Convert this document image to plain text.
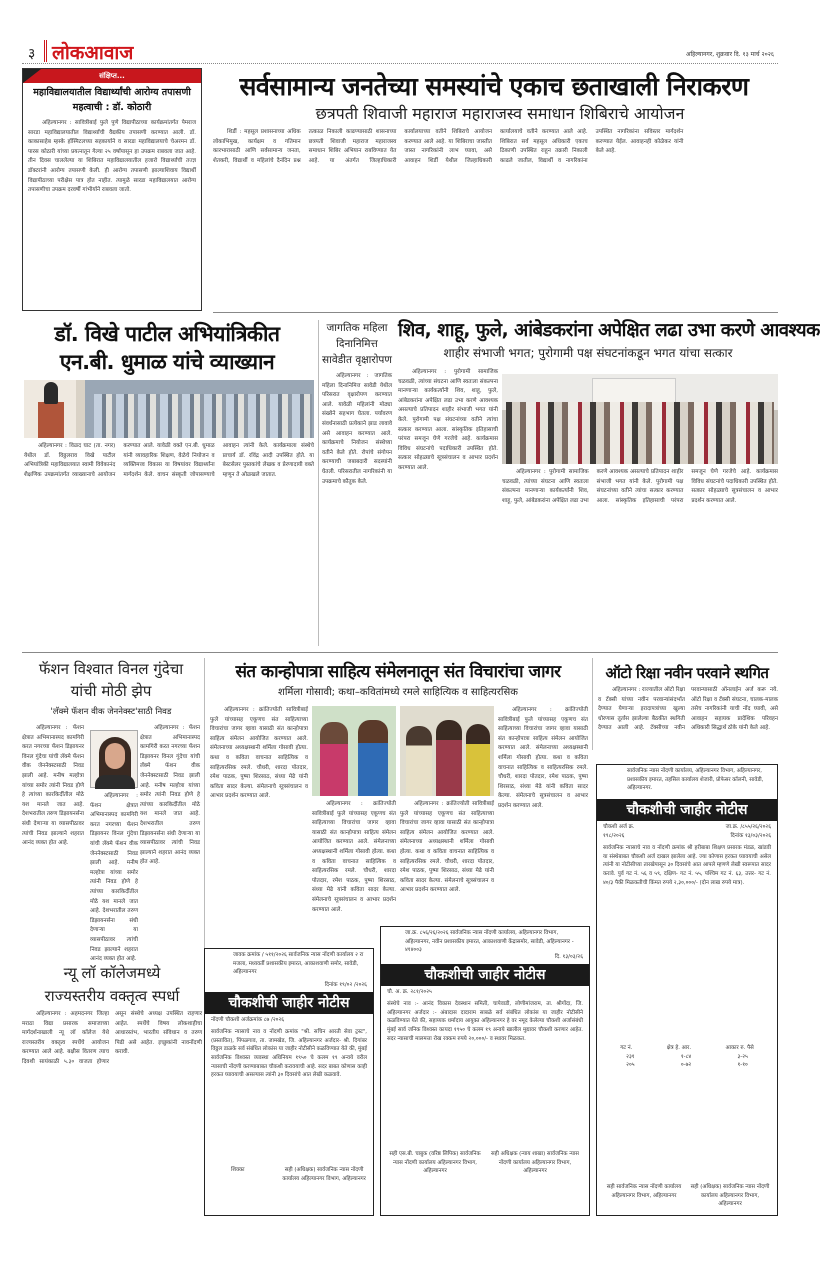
३ लोकआवाज	अहिल्यानगर, शुक्रवार दि. १३ मार्च २०२६
संक्षिप्त...
महाविद्यालयातील विद्यार्थ्यांची आरोग्य तपासणी महत्वाची : डॉ. कोठारी

अहिल्यानगर : सावित्रीबाई फुले पुणे विद्यापीठाच्या कार्यक्रमांतर्गत पेमराज सारडा महाविद्यालयातील विद्यार्थ्यांची वैद्यकीय तपासणी करण्यात आली. डॉ. काकासाहेब म्हस्के हॉस्पिटलच्या सहकार्याने व सारडा महाविद्यालयाचे चेअरमन डॉ. पारस कोठारी यांच्या प्रयत्नातून गेल्या २५ वर्षांपासून हा उपक्रम राबवला जात आहे. तीन दिवस चाललेल्या या शिबिरात महाविद्यालयातील हजारो विद्यार्थ्यांची तज्ज्ञ डॉक्टरांनी आरोग्य तपासणी केली. ही आरोग्य तपासणी झाल्याशिवाय विद्यार्थी विद्यापीठाच्या परीक्षेस पात्र होत नाहीत. त्यामुळे सारडा महाविद्यालयात आरोग्य तपासणीचा उपक्रम दरवर्षी गांभीर्याने राबवला जातो.

सर्वसामान्य जनतेच्या समस्यांचे एकाच छताखाली निराकरण
छत्रपती शिवाजी महाराज महाराजस्व समाधान शिबिराचे आयोजन

शिर्डी : महसूल प्रशासनाच्या अधिक लोकाभिमुख, कार्यक्षम व गतिमान कारभारासाठी आणि सर्वसामान्य जनता, शेतकरी, विद्यार्थी व महिलांचे दैनंदिन प्रश्न तत्काळ निकाली काढण्यासाठी शासनाच्या छत्रपती शिवाजी महाराज महाराजस्व समाधान शिबिर अभियान राबविण्यात येत आहे. या अंतर्गत जिल्हाधिकारी कार्यालयाच्या वतीने शिबिराचे आयोजन करण्यात आले आहे. या शिबिराचा जास्तीत जास्त नागरिकांनी लाभ घ्यावा, असे आवाहन शिर्डी येथील जिल्हाधिकारी कार्यालयाचे वतीने करण्यात आले आहे. शिबिरात सर्व महसूल अधिकारी एकाच ठिकाणी उपस्थित राहून तक्रारी निकाली काढले जातील, विद्यार्थी व नागरिकांना उपस्थित नागरिकांना सविस्तर मार्गदर्शन करण्यात येईल. आवाहनही कोळेकर यांनी केले आहे.

डॉ. विखे पाटील अभियांत्रिकीत
एन.बी. धुमाळ यांचे व्याख्यान

अहिल्यानगर : विळद घाट (ता. नगर) येथील डॉ. विठ्ठलराव विखे पाटील अभियांत्रिकी महाविद्यालयात स्वामी विवेकानंद शैक्षणिक उपक्रमांतर्गत व्याख्यानाचे आयोजन करण्यात आले. यावेळी वक्ते एन.बी. धुमाळ यांनी व्यावहारिक शिक्षण, वेळेचे नियोजन व व्यक्तिमत्त्व विकास या विषयांवर विद्यार्थ्यांना मार्गदर्शन केले. वाचन संस्कृती जोपासण्याचे आवाहन त्यांनी केले. कार्यक्रमाला संस्थेचे प्राचार्य डॉ. रविंद्र आदी उपस्थित होते. या बेस्टसेलर पुस्तकांचे लेखक व प्रेरणादायी वक्ते म्हणून ते ओळखले जातात.

जागतिक महिला दिनानिमित्त सावेडीत वृक्षारोपण

अहिल्यानगर : जागतिक महिला दिनानिमित्त सावेडी येथील परिसरात वृक्षारोपण करण्यात आले. यावेळी महिलांनी मोठ्या संख्येने सहभाग घेतला. पर्यावरण संवर्धनासाठी प्रत्येकाने झाड लावावे असे आवाहन करण्यात आले. कार्यक्रमाचे नियोजन संस्थेच्या वतीने केले होते. रोपांचे संगोपन करण्याची जबाबदारी सदस्यांनी घेतली. परिसरातील नागरिकांनी या उपक्रमाचे कौतुक केले.

शिव, शाहू, फुले, आंबेडकरांना अपेक्षित लढा उभा करणे आवश्यक
शाहीर संभाजी भगत; पुरोगामी पक्ष संघटनांकडून भगत यांचा सत्कार

अहिल्यानगर : पुरोगामी सामाजिक चळवळी, त्यांच्या संघटना आणि स्वतःला संकल्पना मानणाऱ्या कार्यकर्त्यांनी शिव, शाहू, फुले, आंबेडकरांना अपेक्षित लढा उभा करणे आवश्यक असल्याचे प्रतिपादन शाहीर संभाजी भगत यांनी केले. पुरोगामी पक्ष संघटनांच्या वतीने त्यांचा सत्कार करण्यात आला. सांस्कृतिक इतिहासाची परंपरा समजून घेणे गरजेचे आहे. कार्यक्रमास विविध संघटनांचे पदाधिकारी उपस्थित होते. सत्कार सोहळ्याचे सूत्रसंचालन व आभार प्रदर्शन करण्यात आले.

अहिल्यानगर : पुरोगामी सामाजिक चळवळी, त्यांच्या संघटना आणि स्वतःला संकल्पना मानणाऱ्या कार्यकर्त्यांनी शिव, शाहू, फुले, आंबेडकरांना अपेक्षित लढा उभा करणे आवश्यक असल्याचे प्रतिपादन शाहीर संभाजी भगत यांनी केले. पुरोगामी पक्ष संघटनांच्या वतीने त्यांचा सत्कार करण्यात आला. सांस्कृतिक इतिहासाची परंपरा समजून घेणे गरजेचे आहे. कार्यक्रमास विविध संघटनांचे पदाधिकारी उपस्थित होते. सत्कार सोहळ्याचे सूत्रसंचालन व आभार प्रदर्शन करण्यात आले.

फॅशन विश्वात विनल गुंदेचा
यांची मोठी झेप
'लॅक्मे फॅशन वीक जेननेक्स्ट'साठी निवड

अहिल्यानगर : फॅशन क्षेत्रात अभिमानास्पद कामगिरी करत नगरच्या फॅशन डिझायनर विनल गुंदेचा यांची लॅक्मे फॅशन वीक जेननेक्स्टसाठी निवड झाली आहे. मनीष मल्होत्रा यांच्या समोर त्यांनी निवड होणे हे त्यांच्या कारकिर्दीतील मोठे यश मानले जात आहे. देशभरातील तरुण डिझायनर्सना संधी देणाऱ्या या व्यासपीठावर त्यांची निवड झाल्याने शहरात आनंद व्यक्त होत आहे.

अहिल्यानगर : फॅशन क्षेत्रात अभिमानास्पद कामगिरी करत नगरच्या फॅशन डिझायनर विनल गुंदेचा यांची लॅक्मे फॅशन वीक जेननेक्स्टसाठी निवड झाली आहे. मनीष मल्होत्रा यांच्या समोर त्यांनी निवड होणे हे त्यांच्या कारकिर्दीतील मोठे यश मानले जात आहे. देशभरातील तरुण डिझायनर्सना संधी देणाऱ्या या व्यासपीठावर त्यांची निवड झाल्याने शहरात आनंद व्यक्त होत आहे.

अहिल्यानगर : फॅशन क्षेत्रात अभिमानास्पद कामगिरी करत नगरच्या फॅशन डिझायनर विनल गुंदेचा यांची लॅक्मे फॅशन वीक जेननेक्स्टसाठी निवड झाली आहे. मनीष मल्होत्रा यांच्या समोर त्यांनी निवड होणे हे त्यांच्या कारकिर्दीतील मोठे यश मानले जात आहे. देशभरातील तरुण डिझायनर्सना संधी देणाऱ्या या व्यासपीठावर त्यांची निवड झाल्याने शहरात आनंद व्यक्त होत आहे.

संत कान्होपात्रा साहित्य संमेलनातून संत विचारांचा जागर
शर्मिला गोसावी; कथा–कवितांमध्ये रमले साहित्यिक व साहित्यरसिक

अहिल्यानगर : क्रांतिज्योती सावित्रीबाई फुले यांच्यासह एकूणच संत साहित्याच्या विचारांचा जागर व्हावा यासाठी संत कान्होपात्रा साहित्य संमेलन आयोजित करण्यात आले. संमेलनाच्या अध्यक्षस्थानी शर्मिला गोसावी होत्या. कथा व कविता वाचनात साहित्यिक व साहित्यरसिक रमले. चौधरी, शारदा पोतदार, रमेश पाठक, पुष्पा शिरसाठ, संध्या मेढे यांनी कविता सादर केल्या. संमेलनाचे सूत्रसंचालन व आभार प्रदर्शन करण्यात आले.

अहिल्यानगर : क्रांतिज्योती सावित्रीबाई फुले यांच्यासह एकूणच संत साहित्याच्या विचारांचा जागर व्हावा यासाठी संत कान्होपात्रा साहित्य संमेलन आयोजित करण्यात आले. संमेलनाच्या अध्यक्षस्थानी शर्मिला गोसावी होत्या. कथा व कविता वाचनात साहित्यिक व साहित्यरसिक रमले. चौधरी, शारदा पोतदार, रमेश पाठक, पुष्पा शिरसाठ, संध्या मेढे यांनी कविता सादर केल्या. संमेलनाचे सूत्रसंचालन व आभार प्रदर्शन करण्यात आले.

अहिल्यानगर : क्रांतिज्योती सावित्रीबाई फुले यांच्यासह एकूणच संत साहित्याच्या विचारांचा जागर व्हावा यासाठी संत कान्होपात्रा साहित्य संमेलन आयोजित करण्यात आले. संमेलनाच्या अध्यक्षस्थानी शर्मिला गोसावी होत्या. कथा व कविता वाचनात साहित्यिक व साहित्यरसिक रमले. चौधरी, शारदा पोतदार, रमेश पाठक, पुष्पा शिरसाठ, संध्या मेढे यांनी कविता सादर केल्या. संमेलनाचे सूत्रसंचालन व आभार प्रदर्शन करण्यात आले.

अहिल्यानगर : क्रांतिज्योती सावित्रीबाई फुले यांच्यासह एकूणच संत साहित्याच्या विचारांचा जागर व्हावा यासाठी संत कान्होपात्रा साहित्य संमेलन आयोजित करण्यात आले. संमेलनाच्या अध्यक्षस्थानी शर्मिला गोसावी होत्या. कथा व कविता वाचनात साहित्यिक व साहित्यरसिक रमले. चौधरी, शारदा पोतदार, रमेश पाठक, पुष्पा शिरसाठ, संध्या मेढे यांनी कविता सादर केल्या. संमेलनाचे सूत्रसंचालन व आभार प्रदर्शन करण्यात आले.

ऑटो रिक्षा नवीन परवाने स्थगित

अहिल्यानगर : राज्यातील ऑटो रिक्षा व टॅक्सी यांच्या नवीन परवान्यांसंदर्भात देण्यात येणाऱ्या इरादापत्रांच्या खुल्या धोरणास तूर्तास झालेल्या बैठकीत स्थगिती देण्यात आली आहे. टॅक्सीच्या नवीन परवान्यासाठी ऑनलाईन अर्ज करू नये. ऑटो रिक्षा व टॅक्सी संघटना, चालक-मालक तसेच नागरिकांनी याची नोंद घ्यावी, असे आवाहन सहायक प्रादेशिक परिवहन अधिकारी सिद्धार्थ ठोके यांनी केले आहे.

सार्वजनिक न्यास नोंदणी कार्यालय, अहिल्यानगर विभाग, अहिल्यानगर, प्रशासकीय इमारत, तहसिल कार्यालय शेजारी, प्रोफेसर कॉलनी, सावेडी, अहिल्यानगर.
चौकशीची जाहीर नोटीस
चौकशी अर्ज क्र.
१९८/२०२६
जा.क्र. /८५५/२६/२०२६
दिनांक १३/०३/२०२६
सार्वजनिक न्यासाचे नाव व नोंदणी क्रमांक श्री हरीबाबा शिक्षण प्रसारक मंडळ, खांडवी या संस्थेबाबत चौकशी अर्ज दाखल झालेला आहे. ज्या कोणास हरकत घ्यावयाची असेल त्यांनी या नोटीसीच्या तारखेपासून ३० दिवसांचे आत आपले म्हणणे लेखी स्वरूपात सादर करावे. पुर्व गट नं. ५६ व ५९, दक्षिण- गट नं. ५५, पश्चिम गट नं. ६३, उत्तर- गट नं. ४०/३ पैकी मिळकतीची किंमत रुपये २,३०,०००/- (दोन लाख रुपये मात्र).
गट नं.	क्षेत्र हे. आर.	आकार रु. पैसे
२३१	१-८४	३-२५
२०५	०-७२	१-१०
सही सार्वजनिक न्यास नोंदणी कार्यालय अहिल्यानगर विभाग, अहिल्यानगर
सही (अधिक्षक) सार्वजनिक न्यास नोंदणी कार्यालय अहिल्यानगर विभाग, अहिल्यानगर
न्यू लॉ कॉलेजमध्ये
राज्यस्तरीय वक्तृत्व स्पर्धा

अहिल्यानगर : अहमदनगर जिल्हा मराठा विद्या प्रसारक समाजाच्या मार्गदर्शनाखाली न्यू लॉ कॉलेज येथे राज्यस्तरीय वक्तृत्व स्पर्धेचे आयोजन करण्यात आले आहे. बक्षीस वितरण त्याच दिवशी सायंकाळी ५.३० वाजता होणार असून संस्थेचे अध्यक्ष उपस्थित राहणार आहेत. स्पर्धेचे विषय लोकशाहीचा आधारस्तंभ, भारतीय संविधान व तरुण पिढी असे आहेत. इच्छुकांनी नावनोंदणी करावी.

जावक क्रमांक / ५११/२०२६ सार्वजनिक न्यास नोंदणी कार्यालय २ रा मजला, मध्यवर्ती प्रशासकीय इमारत, आकाशवाणी समोर, सावेडी, अहिल्यानगर
दिनांक १९/०२ /२०२६
चौकशीची जाहीर नोटीस
नोंदणी चौकशी अर्जक्रमांक ८७ /२०२६
सार्वजनिक न्यासाचे नाव व नोंदणी क्रमांक "श्री. सचिन आरती सेवा ट्रस्ट", (प्रस्तावित), पिंपळगाव, ता. जामखेड, जि. अहिल्यानगर अर्जदार- श्री. दिगांबर विठ्ठल डाळके सर्व संबंधित लोकांस या जाहीर नोटीसीने कळविण्यात येते की, मुंबई सार्वजनिक विश्वस्त व्यवस्था अधिनियम १९५० चे कलम १९ अन्वये वरील न्यासाची नोंदणी करण्याबाबत चौकशी करावयाची आहे. सदर बाबत कोणास काही हरकत घ्यावयाची असल्यास त्यांनी ३० दिवसांचे आत लेखी कळवावे.
शिक्का	सही (अधिक्षक) सार्वजनिक न्यास नोंदणी कार्यालय अहिल्यानगर विभाग, अहिल्यानगर
जा.क्र. ८५६/२६/२०२६ सार्वजनिक न्यास नोंदणी कार्यालय, अहिल्यानगर विभाग, अहिल्यानगर, नवीन प्रशासकीय इमारत, आकाशवाणी केंद्रासमोर, सावेडी, अहिल्यानगर - ४१४००३
दि. १३/०३/२६
चौकशीची जाहीर नोटीस
चौ. अ. क्र. २८१/२०२५
संस्थेचे नाव :- आनंद विकास देवस्थान समिती, चापेवाडी, लोणीमांजराम, ता. श्रीगोंदा, जि. अहिल्यानगर अर्जदार :- अंबादास दादाराम साबळे सर्व संबंधित लोकांस या जाहीर नोटीसीने कळविण्यात येते की, सहाय्यक धर्मादाय आयुक्त अहिल्यानगर हे वर नमूद केलेल्या चौकशी अर्जासंबंधी मुंबई सार्व जनिक विश्वस्त कायदा १९५० चे कलम १९ अन्वये खालील मुद्यावर चौकशी करणार आहेत. सदर न्यासाची मालमत्ता रोख रक्कम रुपये २०,०००/- व स्थावर मिळकत.
सही एस.बी. चाबुक (वरिष्ठ लिपिक) सार्वजनिक न्यास नोंदणी कार्यालय अहिल्यानगर विभाग, अहिल्यानगर
सही अधिक्षक (न्याय शाखा) सार्वजनिक न्यास नोंदणी कार्यालय अहिल्यानगर विभाग, अहिल्यानगर
